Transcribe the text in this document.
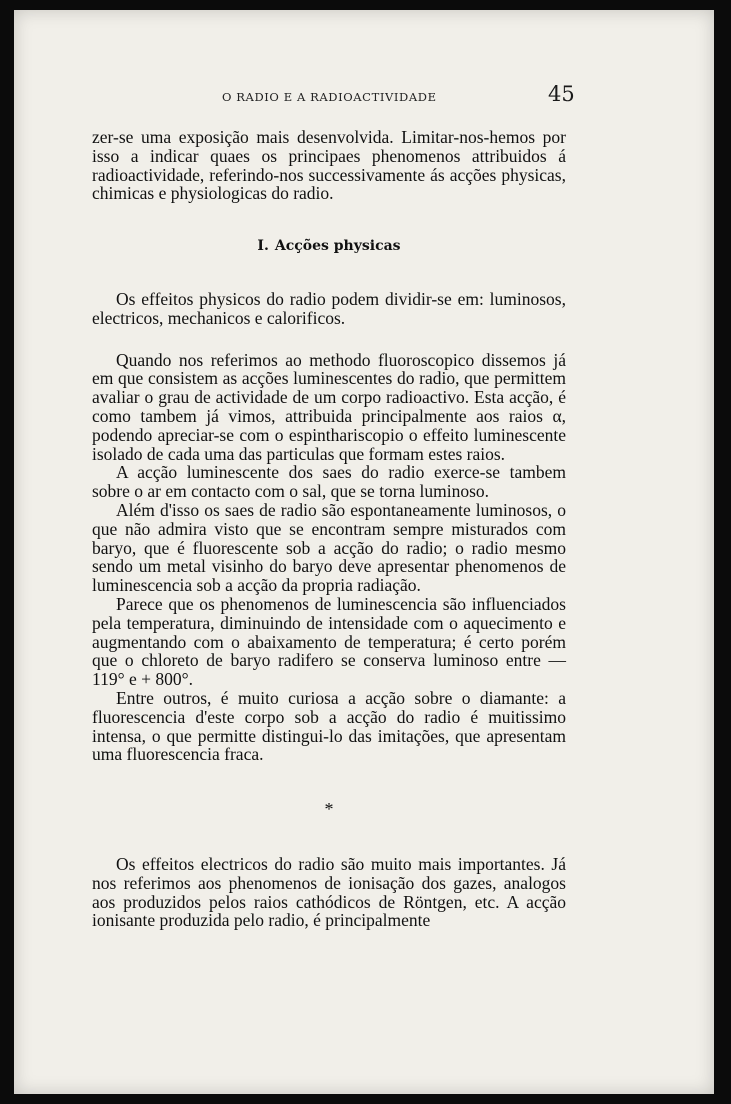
O RADIO E A RADIOACTIVIDADE	45

zer-se uma exposição mais desenvolvida. Limitar-nos-hemos por isso a indicar quaes os principaes phenomenos attribuidos á radioactividade, referindo-nos successivamente ás acções physicas, chimicas e physiologicas do radio.

I. Acções physicas

Os effeitos physicos do radio podem dividir-se em: luminosos, electricos, mechanicos e calorificos.

Quando nos referimos ao methodo fluoroscopico dissemos já em que consistem as acções luminescentes do radio, que permittem avaliar o grau de actividade de um corpo radioactivo. Esta acção, é como tambem já vimos, attribuida principalmente aos raios α, podendo apreciar-se com o espinthariscopio o effeito luminescente isolado de cada uma das particulas que formam estes raios.

A acção luminescente dos saes do radio exerce-se tambem sobre o ar em contacto com o sal, que se torna luminoso.

Além d'isso os saes de radio são espontaneamente luminosos, o que não admira visto que se encontram sempre misturados com baryo, que é fluorescente sob a acção do radio; o radio mesmo sendo um metal visinho do baryo deve apresentar phenomenos de luminescencia sob a acção da propria radiação.

Parece que os phenomenos de luminescencia são influenciados pela temperatura, diminuindo de intensidade com o aquecimento e augmentando com o abaixamento de temperatura; é certo porém que o chloreto de baryo radifero se conserva luminoso entre — 119° e + 800°.

Entre outros, é muito curiosa a acção sobre o diamante: a fluorescencia d'este corpo sob a acção do radio é muitissimo intensa, o que permitte distingui-lo das imitações, que apresentam uma fluorescencia fraca.

*

Os effeitos electricos do radio são muito mais importantes. Já nos referimos aos phenomenos de ionisação dos gazes, analogos aos produzidos pelos raios cathódicos de Röntgen, etc. A acção ionisante produzida pelo radio, é principalmente
